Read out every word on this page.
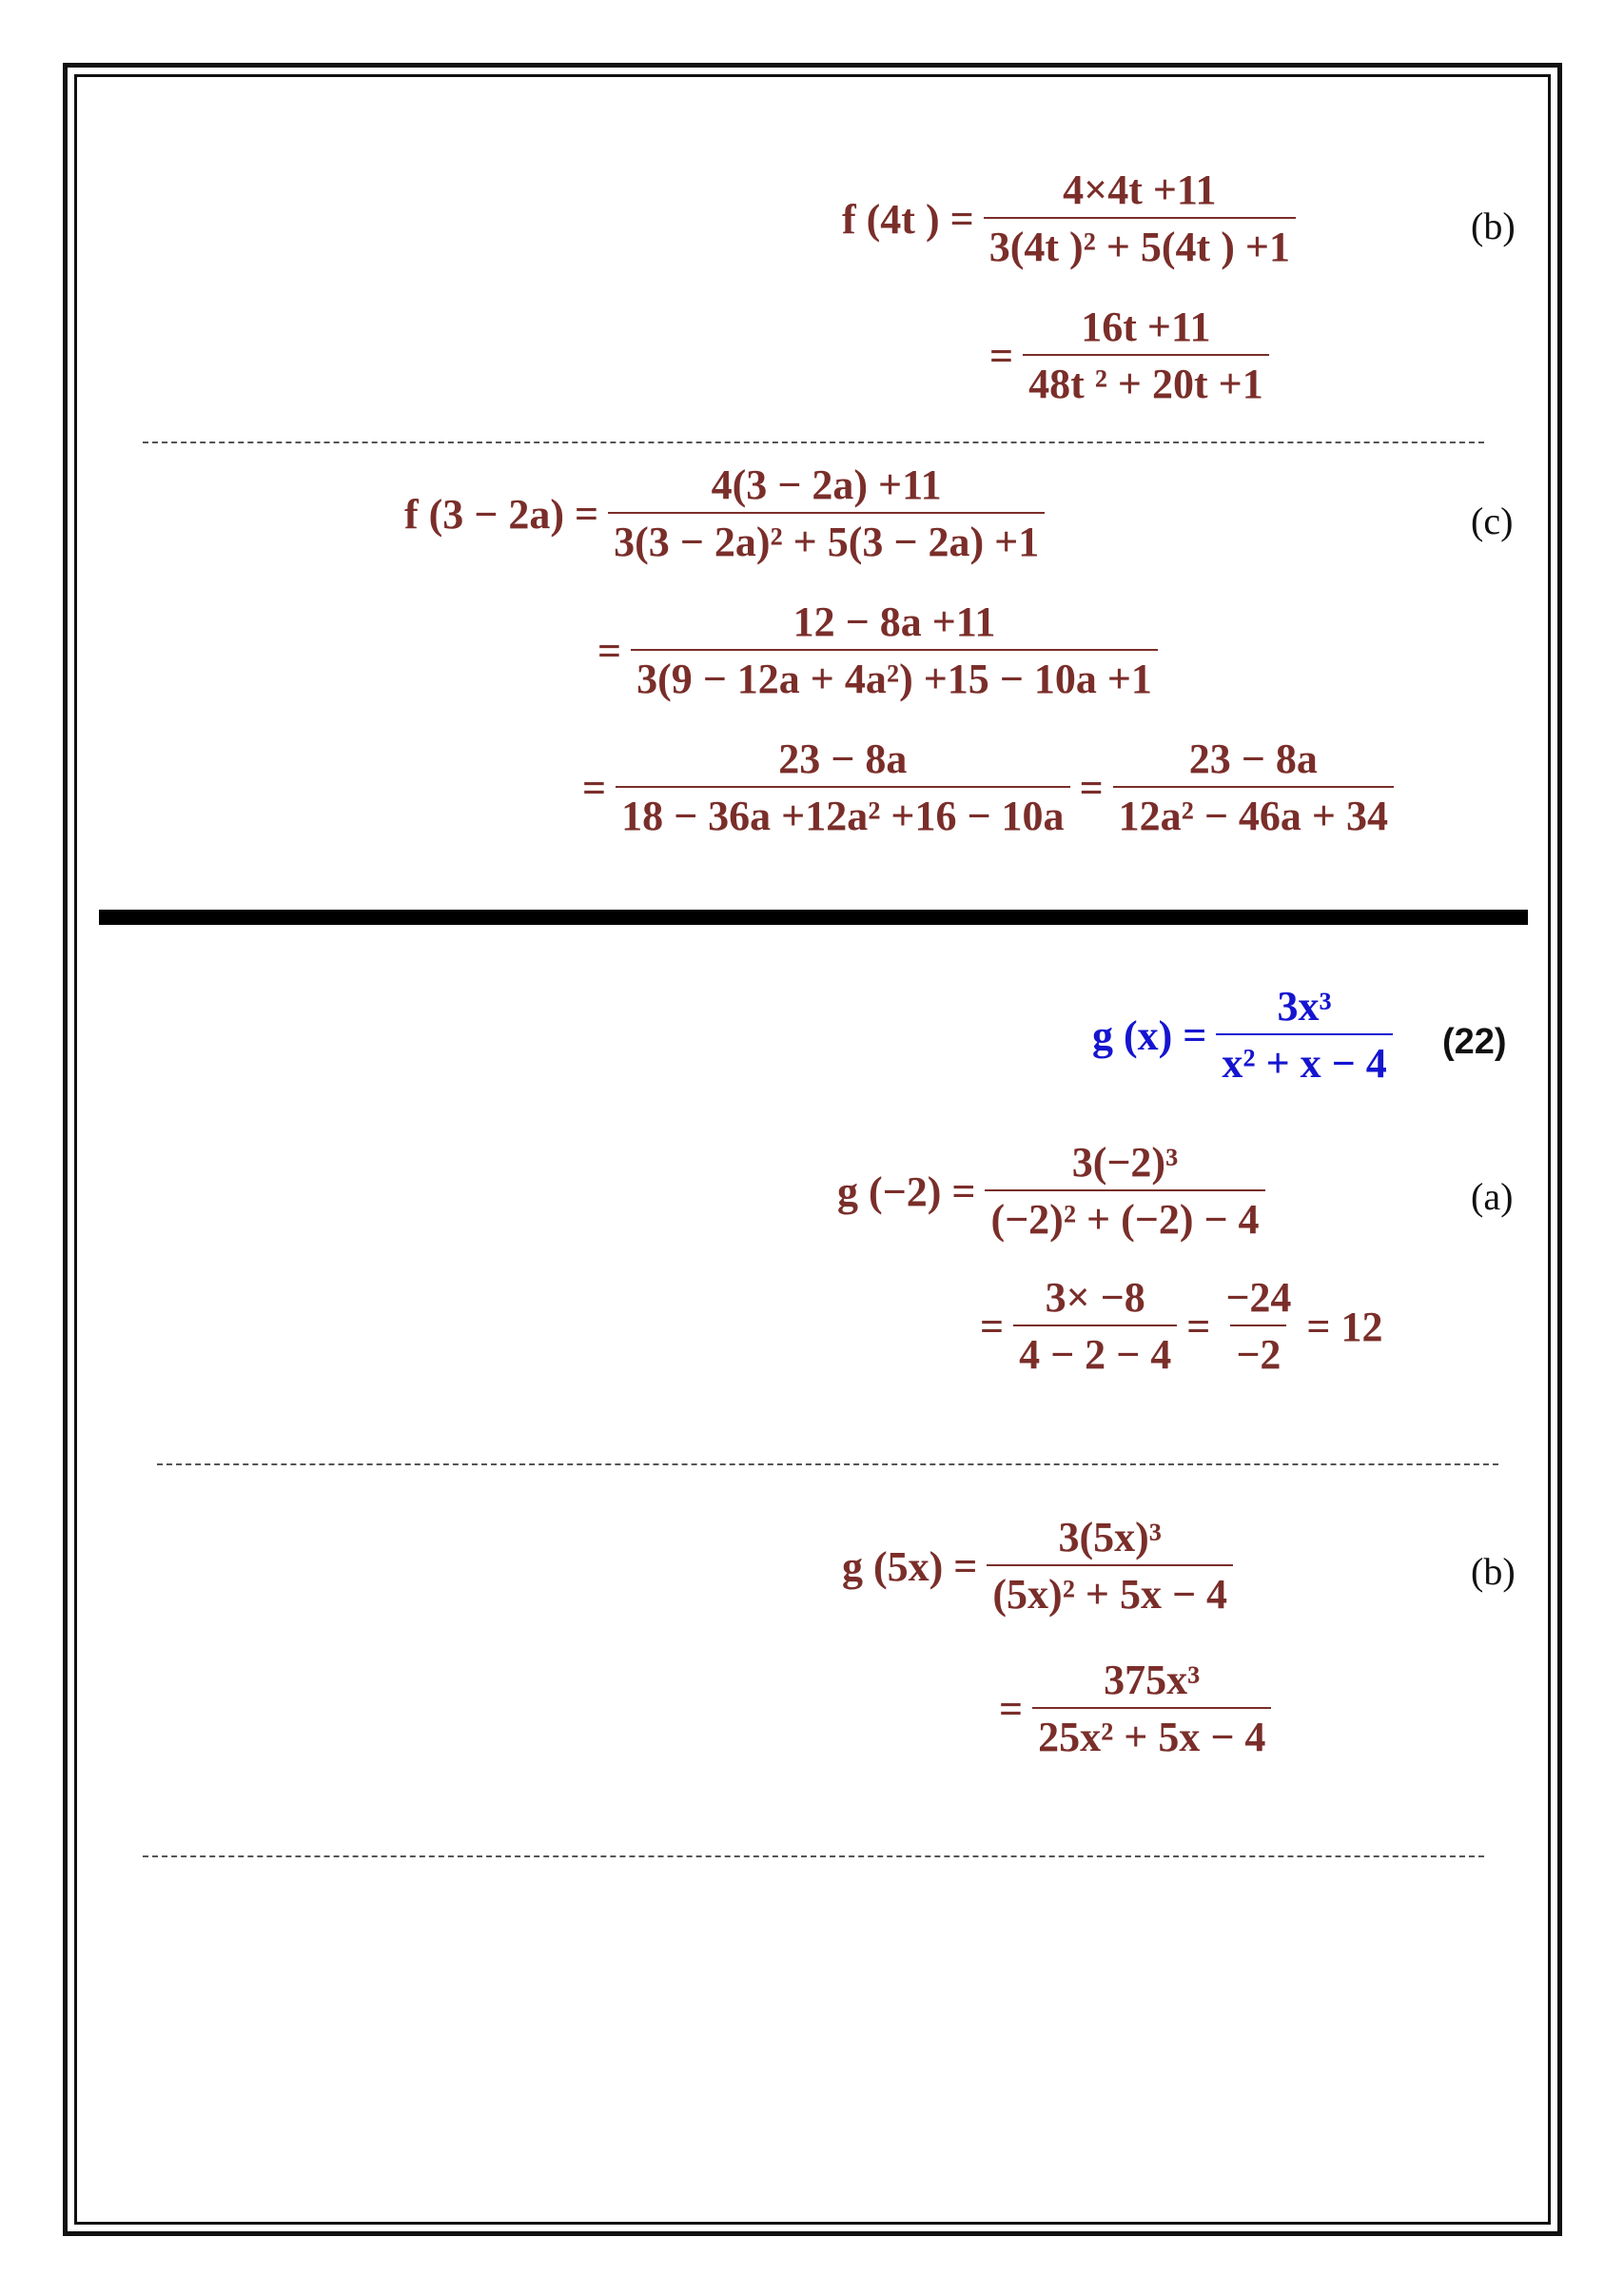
f (4t ) = $\frac{4\times 4t +11}{\text{3(4t )² + 5(4t ) +1}}$	(b)
= $\frac{16t +11}{\text{48t ² + 20t +1}}$
f $(3 - 2a) = \frac{4(3 - 2a) +11}{\text{3(3 − 2a)² + 5(3 − 2a) +1}}$	(c)
= $\frac{12 - 8a +11}{\text{3(9 − 12a + 4a²) +15 − 10a +1}}$
= $\frac{23 - 8a}{\text{18 − 36a +12a² +16 − 10a}} = \frac{23 - 8a}{\text{12a² − 46a + 34}}$
g $(x) = \frac{\text{3x³}}{\text{x² + x − 4}} (22)$
g $(-2) = \frac{\text{3(−2)³}}{\text{(−2)² + (−2) − 4}}$	(a)
= $\frac{3\times -8}{4 - 2 - 4} = \frac{-24}{-2} = 12$
g $(5x) = \frac{\text{3(5x)³}}{\text{(5x)² + 5x − 4}}$	(b)
= $\frac{\text{375x³}}{\text{25x² + 5x − 4}}$
